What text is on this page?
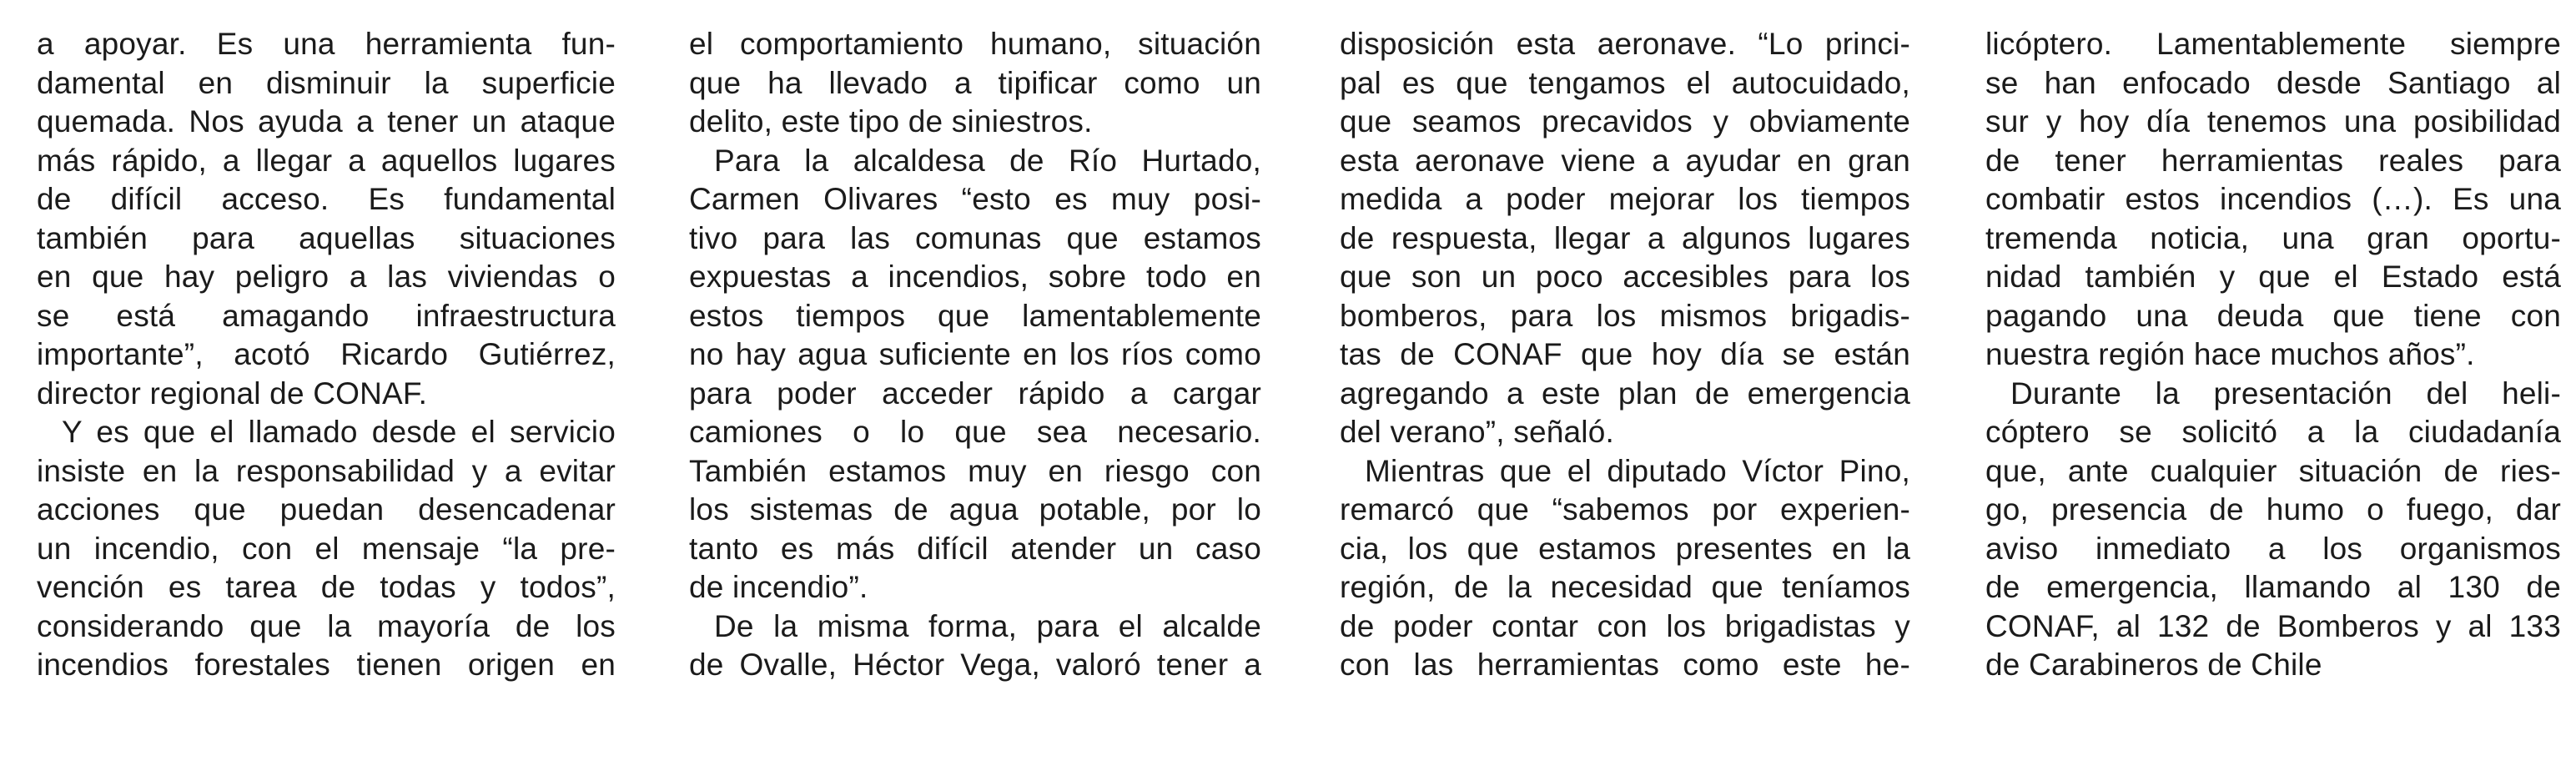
a apoyar. Es una herramienta fun-
damental en disminuir la superficie
quemada. Nos ayuda a tener un ataque
más rápido, a llegar a aquellos lugares
de difícil acceso. Es fundamental
también para aquellas situaciones
en que hay peligro a las viviendas o
se está amagando infraestructura
importante”, acotó Ricardo Gutiérrez,
director regional de CONAF.
Y es que el llamado desde el servicio
insiste en la responsabilidad y a evitar
acciones que puedan desencadenar
un incendio, con el mensaje “la pre-
vención es tarea de todas y todos”,
considerando que la mayoría de los
incendios forestales tienen origen en
el comportamiento humano, situación
que ha llevado a tipificar como un
delito, este tipo de siniestros.
Para la alcaldesa de Río Hurtado,
Carmen Olivares “esto es muy posi-
tivo para las comunas que estamos
expuestas a incendios, sobre todo en
estos tiempos que lamentablemente
no hay agua suficiente en los ríos como
para poder acceder rápido a cargar
camiones o lo que sea necesario.
También estamos muy en riesgo con
los sistemas de agua potable, por lo
tanto es más difícil atender un caso
de incendio”.
De la misma forma, para el alcalde
de Ovalle, Héctor Vega, valoró tener a
disposición esta aeronave. “Lo princi-
pal es que tengamos el autocuidado,
que seamos precavidos y obviamente
esta aeronave viene a ayudar en gran
medida a poder mejorar los tiempos
de respuesta, llegar a algunos lugares
que son un poco accesibles para los
bomberos, para los mismos brigadis-
tas de CONAF que hoy día se están
agregando a este plan de emergencia
del verano”, señaló.
Mientras que el diputado Víctor Pino,
remarcó que “sabemos por experien-
cia, los que estamos presentes en la
región, de la necesidad que teníamos
de poder contar con los brigadistas y
con las herramientas como este he-
licóptero. Lamentablemente siempre
se han enfocado desde Santiago al
sur y hoy día tenemos una posibilidad
de tener herramientas reales para
combatir estos incendios (…). Es una
tremenda noticia, una gran oportu-
nidad también y que el Estado está
pagando una deuda que tiene con
nuestra región hace muchos años”.
Durante la presentación del heli-
cóptero se solicitó a la ciudadanía
que, ante cualquier situación de ries-
go, presencia de humo o fuego, dar
aviso inmediato a los organismos
de emergencia, llamando al 130 de
CONAF, al 132 de Bomberos y al 133
de Carabineros de Chile
